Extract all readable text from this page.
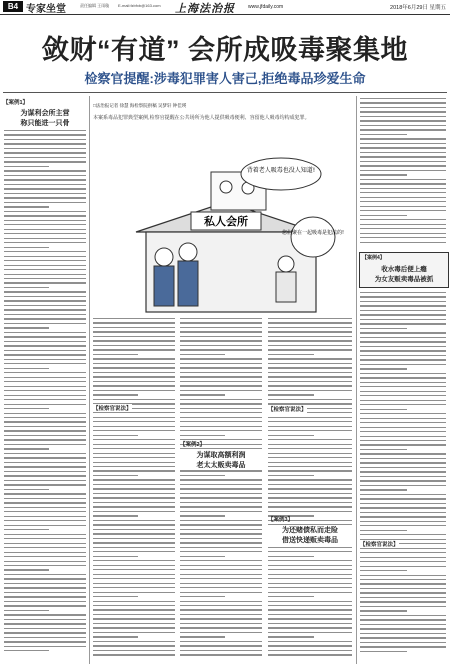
B4 专家坐堂	责任编辑 王雨璇 E-mail:fzbfxb@163.com 上海法治报	www.jfdaily.com	2018年6月29日 星期五
敛财“有道” 会所成吸毒聚集地
检察官提醒:涉毒犯罪害人害己,拒绝毒品珍爱生命
【案例1】
为谋利会所主营
称只能进一只骨
□法治报记者 徐慧 海检察院供稿 吴梦轩 钟佳瑛
本案系毒品犯罪典型案例,检察官提醒在公共场所为他人提供吸毒便利、容留他人吸毒均构成犯罪。
私人会所
背着老人吸毒也没人知道!
您们聚在一起吸毒是犯法的!
【案例2】
为谋取高额利润
老太太贩卖毒品
【案例3】
为还赌债私而走险
借送快递贩卖毒品
【检察官说法】	【检察官说法】
【案例4】
收水毒后便上瘾
为女友贩卖毒品被抓
【检察官说法】
